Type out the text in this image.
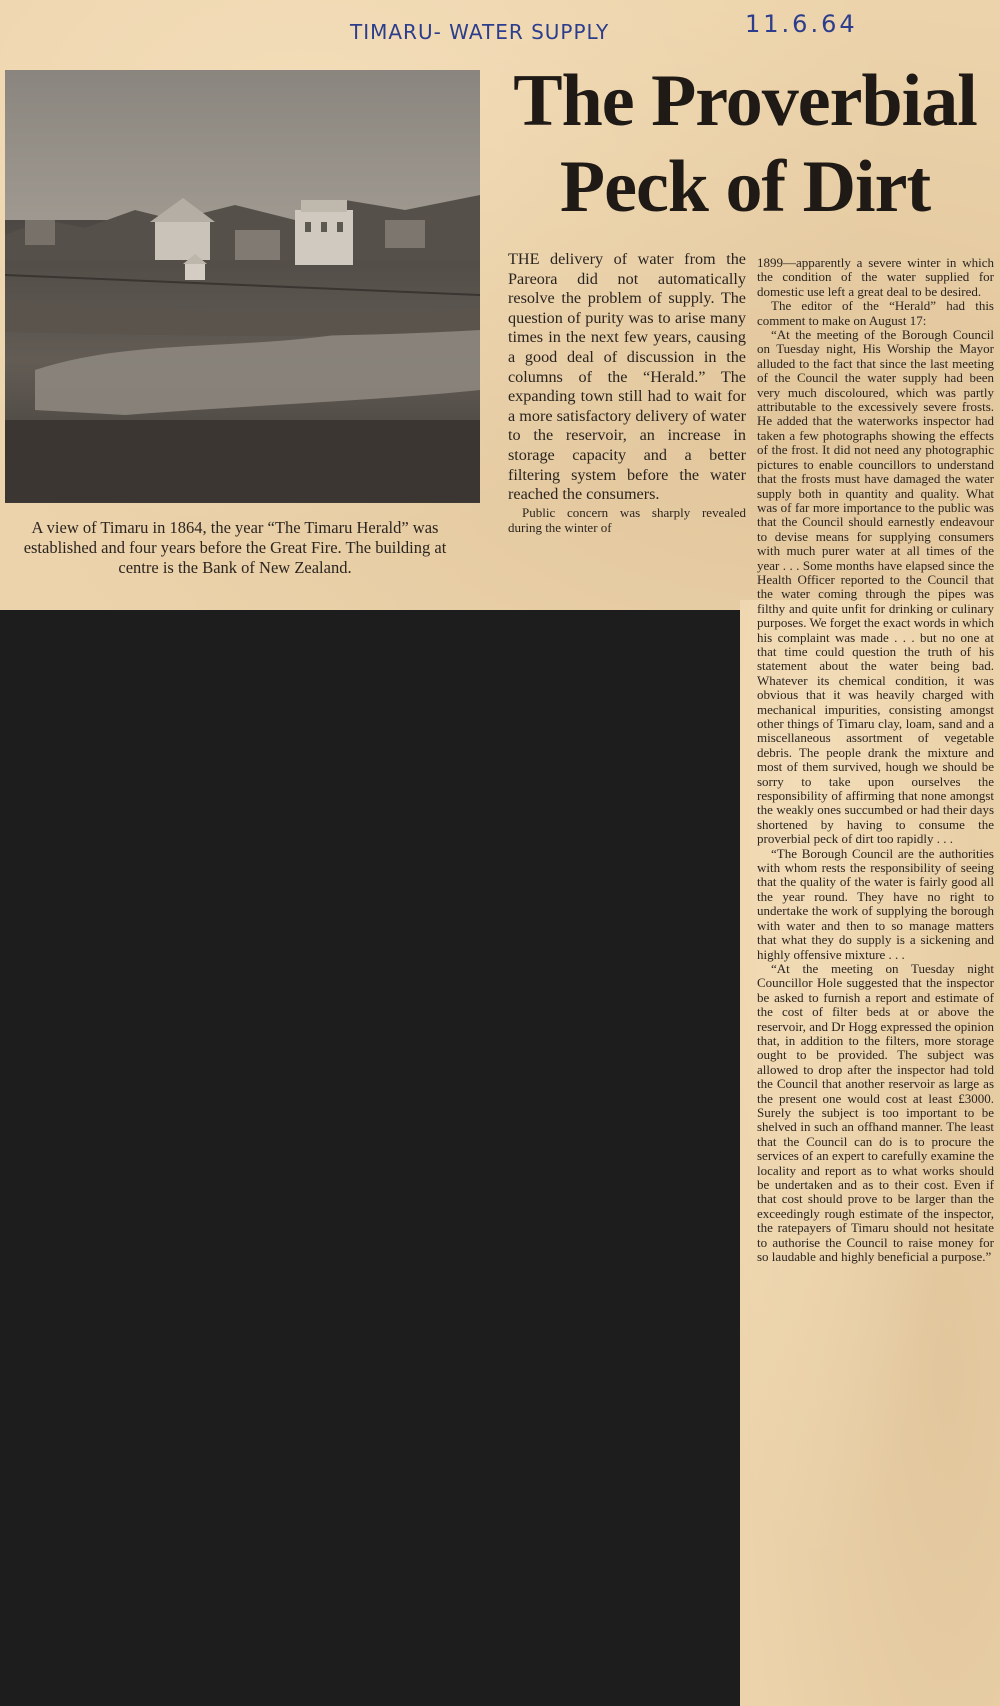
TIMARU- WATER SUPPLY	11.6.64
A view of Timaru in 1864, the year “The Timaru Herald” was established and four years before the Great Fire. The building at centre is the Bank of New Zealand.
The Proverbial
Peck of Dirt

THE delivery of water from the Pareora did not automatically resolve the problem of supply. The question of purity was to arise many times in the next few years, causing a good deal of discussion in the columns of the “Herald.” The expanding town still had to wait for a more satisfactory delivery of water to the reservoir, an increase in storage capacity and a better filtering system before the water reached the consumers.

Public concern was sharply revealed during the winter of

1899—apparently a severe winter in which the condition of the water supplied for domestic use left a great deal to be desired.

The editor of the “Herald” had this comment to make on August 17:

“At the meeting of the Borough Council on Tuesday night, His Worship the Mayor alluded to the fact that since the last meeting of the Council the water supply had been very much discoloured, which was partly attributable to the excessively severe frosts. He added that the waterworks inspector had taken a few photographs showing the effects of the frost. It did not need any photographic pictures to enable councillors to understand that the frosts must have damaged the water supply both in quantity and quality. What was of far more importance to the public was that the Council should earnestly endeavour to devise means for supplying consumers with much purer water at all times of the year . . . Some months have elapsed since the Health Officer reported to the Council that the water coming through the pipes was filthy and quite unfit for drinking or culinary purposes. We forget the exact words in which his complaint was made . . . but no one at that time could question the truth of his statement about the water being bad. Whatever its chemical condition, it was obvious that it was heavily charged with mechanical impurities, consisting amongst other things of Timaru clay, loam, sand and a miscellaneous assortment of vegetable debris. The people drank the mixture and most of them survived, hough we should be sorry to take upon ourselves the responsibility of affirming that none amongst the weakly ones succumbed or had their days shortened by having to consume the proverbial peck of dirt too rapidly . . .

“The Borough Council are the authorities with whom rests the responsibility of seeing that the quality of the water is fairly good all the year round. They have no right to undertake the work of supplying the borough with water and then to so manage matters that what they do supply is a sickening and highly offensive mixture . . .

“At the meeting on Tuesday night Councillor Hole suggested that the inspector be asked to furnish a report and estimate of the cost of filter beds at or above the reservoir, and Dr Hogg expressed the opinion that, in addition to the filters, more storage ought to be provided. The subject was allowed to drop after the inspector had told the Council that another reservoir as large as the present one would cost at least £3000. Surely the subject is too important to be shelved in such an offhand manner. The least that the Council can do is to procure the services of an expert to carefully examine the locality and report as to what works should be undertaken and as to their cost. Even if that cost should prove to be larger than the exceedingly rough estimate of the inspector, the ratepayers of Timaru should not hesitate to authorise the Council to raise money for so laudable and highly beneficial a purpose.”
